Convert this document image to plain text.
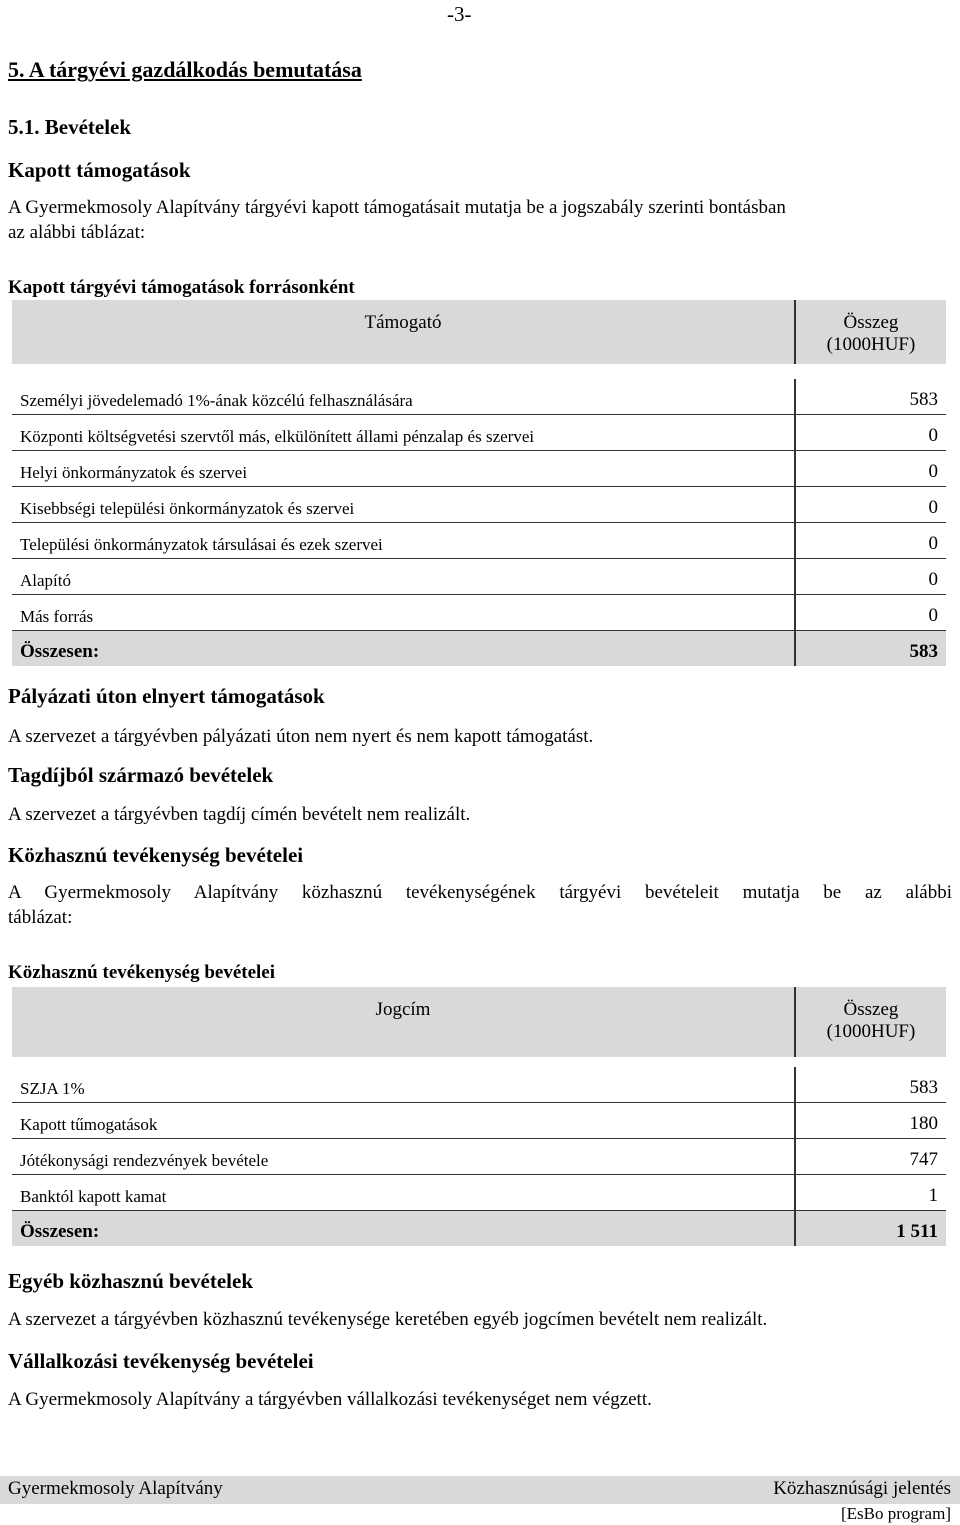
-3-
5. A tárgyévi gazdálkodás bemutatása
5.1. Bevételek
Kapott támogatások
A Gyermekmosoly Alapítvány tárgyévi kapott támogatásait mutatja be a jogszabály szerinti bontásban
az alábbi táblázat:
Kapott tárgyévi támogatások forrásonként
Támogató	Összeg
(1000HUF)

Személyi jövedelemadó 1%-ának közcélú felhasználására	583
Központi költségvetési szervtől más, elkülönített állami pénzalap és szervei	0
Helyi önkormányzatok és szervei	0
Kisebbségi települési önkormányzatok és szervei	0
Települési önkormányzatok társulásai és ezek szervei	0
Alapító	0
Más forrás	0
Összesen:	583
Pályázati úton elnyert támogatások
A szervezet a tárgyévben pályázati úton nem nyert és nem kapott támogatást.
Tagdíjból származó bevételek
A szervezet a tárgyévben tagdíj címén bevételt nem realizált.
Közhasznú tevékenység bevételei
A Gyermekmosoly Alapítvány közhasznú tevékenységének tárgyévi bevételeit mutatja be az alábbi
táblázat:
Közhasznú tevékenység bevételei
Jogcím	Összeg
(1000HUF)

SZJA 1%	583
Kapott tűmogatások	180
Jótékonysági rendezvények bevétele	747
Banktól kapott kamat	1
Összesen:	1 511
Egyéb közhasznú bevételek
A szervezet a tárgyévben közhasznú tevékenysége keretében egyéb jogcímen bevételt nem realizált.
Vállalkozási tevékenység bevételei
A Gyermekmosoly Alapítvány a tárgyévben vállalkozási tevékenységet nem végzett.
Gyermekmosoly Alapítvány	Közhasznúsági jelentés
[EsBo program]
